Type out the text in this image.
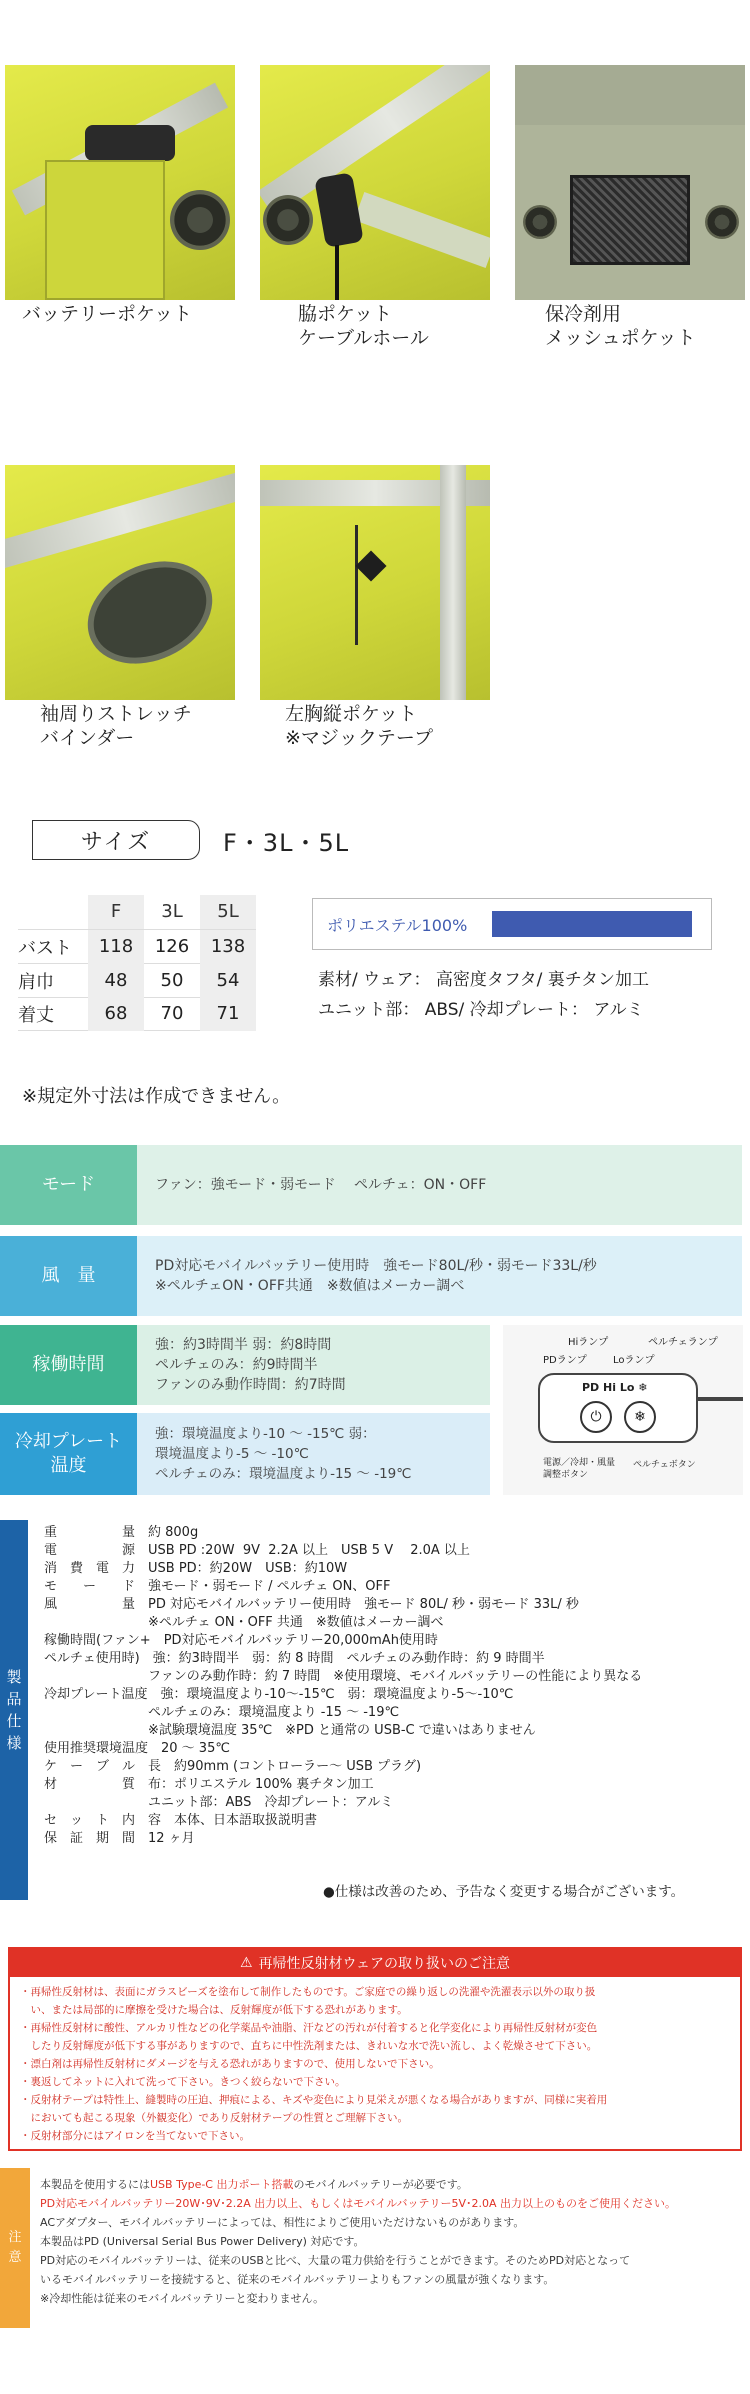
バッテリーポケット	脇ポケット
ケーブルホール
保冷剤用
メッシュポケット
袖周りストレッチ
バインダー
左胸縦ポケット
※マジックテープ
サイズ	F・3L・5L
F	3L	5L
バスト	118	126	138
肩巾	48	50	54
着丈	68	70	71
※規定外寸法は作成できません。
ポリエステル100%
素材/ ウェア： 高密度タフタ/ 裏チタン加工
ユニット部： ABS/ 冷却プレート： アルミ
モード	ファン：強モード・弱モード　 ペルチェ：ON・OFF
風　量	PD対応モバイルバッテリー使用時　強モード80L/秒・弱モード33L/秒
※ペルチェON・OFF共通　※数値はメーカー調べ
稼働時間
強：約3時間半 弱：約8時間
ペルチェのみ：約9時間半
ファンのみ動作時間：約7時間
冷却プレート
温度
強：環境温度より-10 ～ -15℃ 弱：
環境温度より-5 ～ -10℃
ペルチェのみ：環境温度より-15 ～ -19℃
Hiランプ	ペルチェランプ
PDランプ	Loランプ
PD Hi Lo ❄
⏻	❄
電源／冷却・風量
調整ボタン
ペルチェボタン
製
品
仕
様
重　　　　　量　約 800g
電　　　　　源　USB PD :20W  9V  2.2A 以上　USB 5 V　 2.0A 以上
消　費　電　力　USB PD：約20W　USB：約10W
モ　　ー　　ド　強モード・弱モード / ペルチェ ON、OFF
風　　　　　量　PD 対応モバイルバッテリー使用時　強モード 80L/ 秒・弱モード 33L/ 秒
　　　　　　　　※ペルチェ ON・OFF 共通　※数値はメーカー調べ
稼働時間(ファン+　PD対応モバイルバッテリー20,000mAh使用時
ペルチェ使用時)　強：約3時間半　弱：約 8 時間　ペルチェのみ動作時：約 9 時間半
　　　　　　　　ファンのみ動作時：約 7 時間　※使用環境、モバイルバッテリーの性能により異なる
冷却プレート温度　強：環境温度より-10～-15℃　弱：環境温度より-5～-10℃
　　　　　　　　ペルチェのみ：環境温度より -15 ～ -19℃
　　　　　　　　※試験環境温度 35℃　※PD と通常の USB-C で違いはありません
使用推奨環境温度　20 ～ 35℃
ケ　ー　ブ　ル　長　約90mm (コントローラー～ USB プラグ)
材　　　　　質　布：ポリエステル 100% 裏チタン加工
　　　　　　　　ユニット部：ABS　冷却プレート：アルミ
セ　ッ　ト　内　容　本体、日本語取扱説明書
保　証　期　間　12 ヶ月
●仕様は改善のため、予告なく変更する場合がございます。
⚠ 再帰性反射材ウェアの取り扱いのご注意
・再帰性反射材は、表面にガラスビーズを塗布して制作したものです。ご家庭での繰り返しの洗濯や洗濯表示以外の取り扱
　い、または局部的に摩擦を受けた場合は、反射輝度が低下する恐れがあります。
・再帰性反射材に酸性、アルカリ性などの化学薬品や油脂、汗などの汚れが付着すると化学変化により再帰性反射材が変色
　したり反射輝度が低下する事がありますので、直ちに中性洗剤または、きれいな水で洗い流し、よく乾燥させて下さい。
・漂白剤は再帰性反射材にダメージを与える恐れがありますので、使用しないで下さい。
・裏返してネットに入れて洗って下さい。きつく絞らないで下さい。
・反射材テープは特性上、縫製時の圧迫、押痕による、キズや変色により見栄えが悪くなる場合がありますが、同様に実着用
　においても起こる現象（外観変化）であり反射材テープの性質とご理解下さい。
・反射材部分にはアイロンを当てないで下さい。
注
意
本製品を使用するにはUSB Type-C 出力ポート搭載のモバイルバッテリーが必要です。
PD対応モバイルバッテリー20W･9V･2.2A 出力以上、もしくはモバイルバッテリー5V･2.0A 出力以上のものをご使用ください。
ACアダプター、モバイルバッテリーによっては、相性によりご使用いただけないものがあります。
本製品はPD (Universal Serial Bus Power Delivery) 対応です。
PD対応のモバイルバッテリーは、従来のUSBと比べ、大量の電力供給を行うことができます。そのためPD対応となって
いるモバイルバッテリーを接続すると、従来のモバイルバッテリーよりもファンの風量が強くなります。
※冷却性能は従来のモバイルバッテリーと変わりません。
